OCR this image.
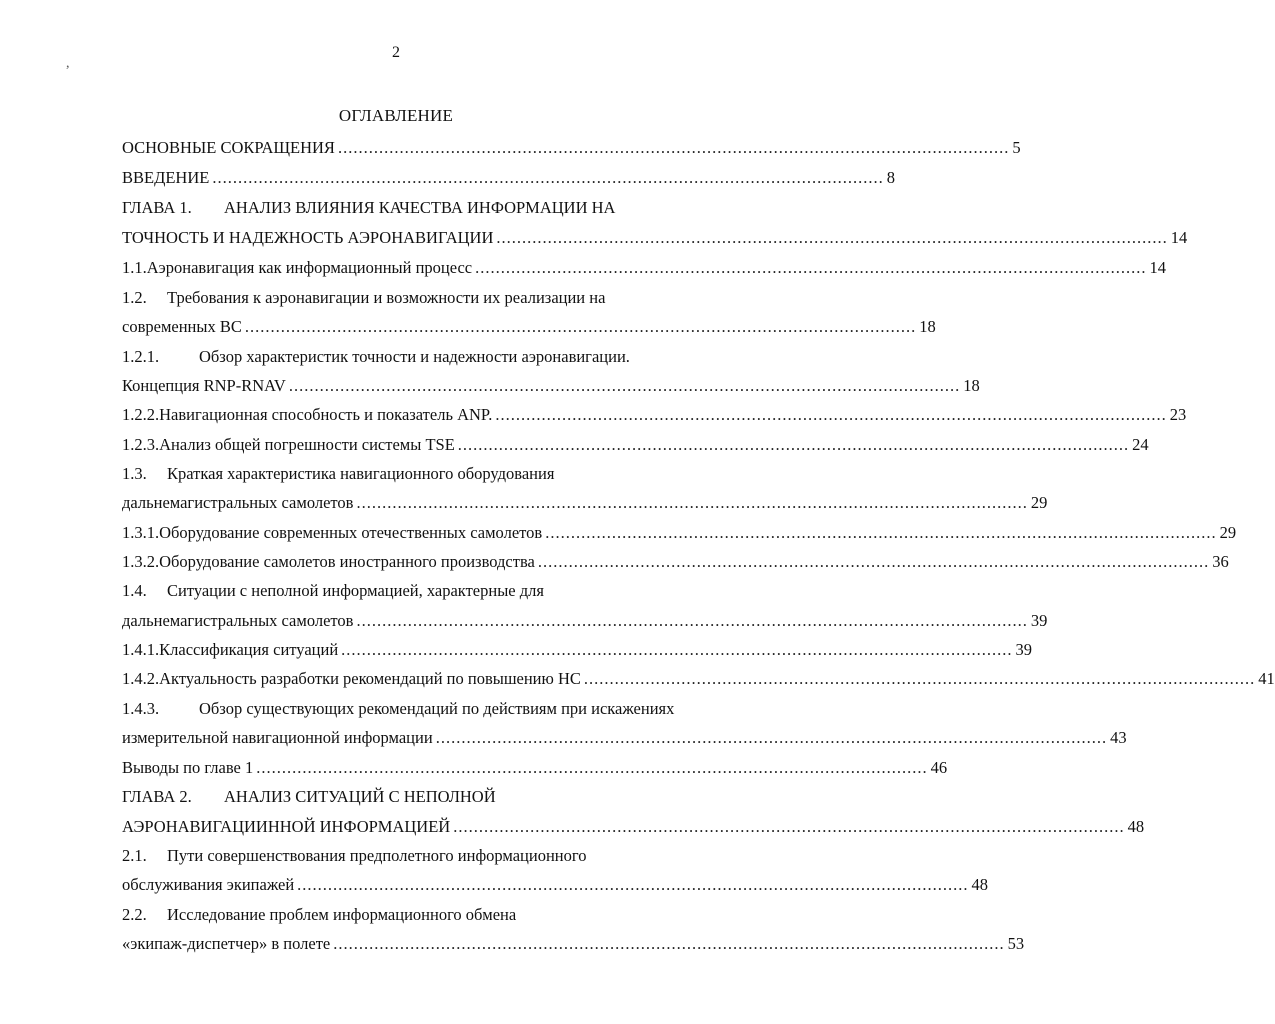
2
,
ОГЛАВЛЕНИЕ
ОСНОВНЫЕ СОКРАЩЕНИЯ ................................................................................................................................... 5
ВВЕДЕНИЕ ................................................................................................................................... 8
ГЛАВА 1. АНАЛИЗ ВЛИЯНИЯ КАЧЕСТВА ИНФОРМАЦИИ НА
ТОЧНОСТЬ И НАДЕЖНОСТЬ АЭРОНАВИГАЦИИ ................................................................................................................................... 14
1.1. Аэронавигация как информационный процесс ................................................................................................................................... 14
1.2. Требования к аэронавигации и возможности их реализации на
современных ВС ................................................................................................................................... 18
1.2.1. Обзор характеристик точности и надежности аэронавигации.
Концепция RNP-RNAV ................................................................................................................................... 18
1.2.2. Навигационная способность и показатель ANP. ................................................................................................................................... 23
1.2.3. Анализ общей погрешности системы TSE ................................................................................................................................... 24
1.3. Краткая характеристика навигационного оборудования
дальнемагистральных самолетов ................................................................................................................................... 29
1.3.1. Оборудование современных отечественных самолетов ................................................................................................................................... 29
1.3.2. Оборудование самолетов иностранного производства ................................................................................................................................... 36
1.4. Ситуации с неполной информацией, характерные для
дальнемагистральных самолетов ................................................................................................................................... 39
1.4.1. Классификация ситуаций ................................................................................................................................... 39
1.4.2. Актуальность разработки рекомендаций по повышению НС ................................................................................................................................... 41
1.4.3. Обзор существующих рекомендаций по действиям при искажениях
измерительной навигационной информации ................................................................................................................................... 43
Выводы по главе 1 ................................................................................................................................... 46
ГЛАВА 2. АНАЛИЗ СИТУАЦИЙ С НЕПОЛНОЙ
АЭРОНАВИГАЦИИННОЙ ИНФОРМАЦИЕЙ ................................................................................................................................... 48
2.1. Пути совершенствования предполетного информационного
обслуживания экипажей ................................................................................................................................... 48
2.2. Исследование проблем информационного обмена
«экипаж-диспетчер» в полете ................................................................................................................................... 53
